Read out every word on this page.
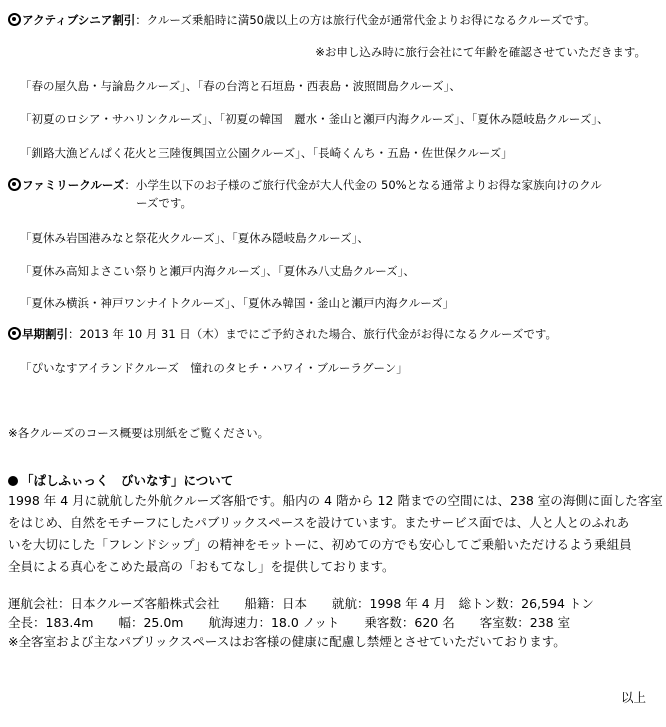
アクティブシニア割引：クルーズ乗船時に満50歳以上の方は旅行代金が通常代金よりお得になるクルーズです。
※お申し込み時に旅行会社にて年齢を確認させていただきます。
「春の屋久島・与論島クルーズ」、「春の台湾と石垣島・西表島・波照間島クルーズ」、
「初夏のロシア・サハリンクルーズ」、「初夏の韓国　麗水・釜山と瀬戸内海クルーズ」、「夏休み隠岐島クルーズ」、
「釧路大漁どんぱく花火と三陸復興国立公園クルーズ」、「長崎くんち・五島・佐世保クルーズ」
ファミリークルーズ：小学生以下のお子様のご旅行代金が大人代金の 50%となる通常よりお得な家族向けのクル
ーズです。
「夏休み岩国港みなと祭花火クルーズ」、「夏休み隠岐島クルーズ」、
「夏休み高知よさこい祭りと瀬戸内海クルーズ」、「夏休み八丈島クルーズ」、
「夏休み横浜・神戸ワンナイトクルーズ」、「夏休み韓国・釜山と瀬戸内海クルーズ」
早期割引：2013 年 10 月 31 日（木）までにご予約された場合、旅行代金がお得になるクルーズです。
「ぴいなすアイランドクルーズ　憧れのタヒチ・ハワイ・ブルーラグーン」
※各クルーズのコース概要は別紙をご覧ください。
「ぱしふぃっく　びいなす」について
1998 年 4 月に就航した外航クルーズ客船です。船内の 4 階から 12 階までの空間には、238 室の海側に面した客室
をはじめ、自然をモチーフにしたパブリックスペースを設けています。またサービス面では、人と人とのふれあ
いを大切にした「フレンドシップ」の精神をモットーに、初めての方でも安心してご乗船いただけるよう乗組員
全員による真心をこめた最高の「おもてなし」を提供しております。
運航会社：日本クルーズ客船株式会社　　船籍：日本　　就航：1998 年 4 月　総トン数：26,594 トン
全長：183.4m　　幅：25.0m　　航海速力：18.0 ノット　　乗客数：620 名　　客室数：238 室
※全客室および主なパブリックスペースはお客様の健康に配慮し禁煙とさせていただいております。
以上
